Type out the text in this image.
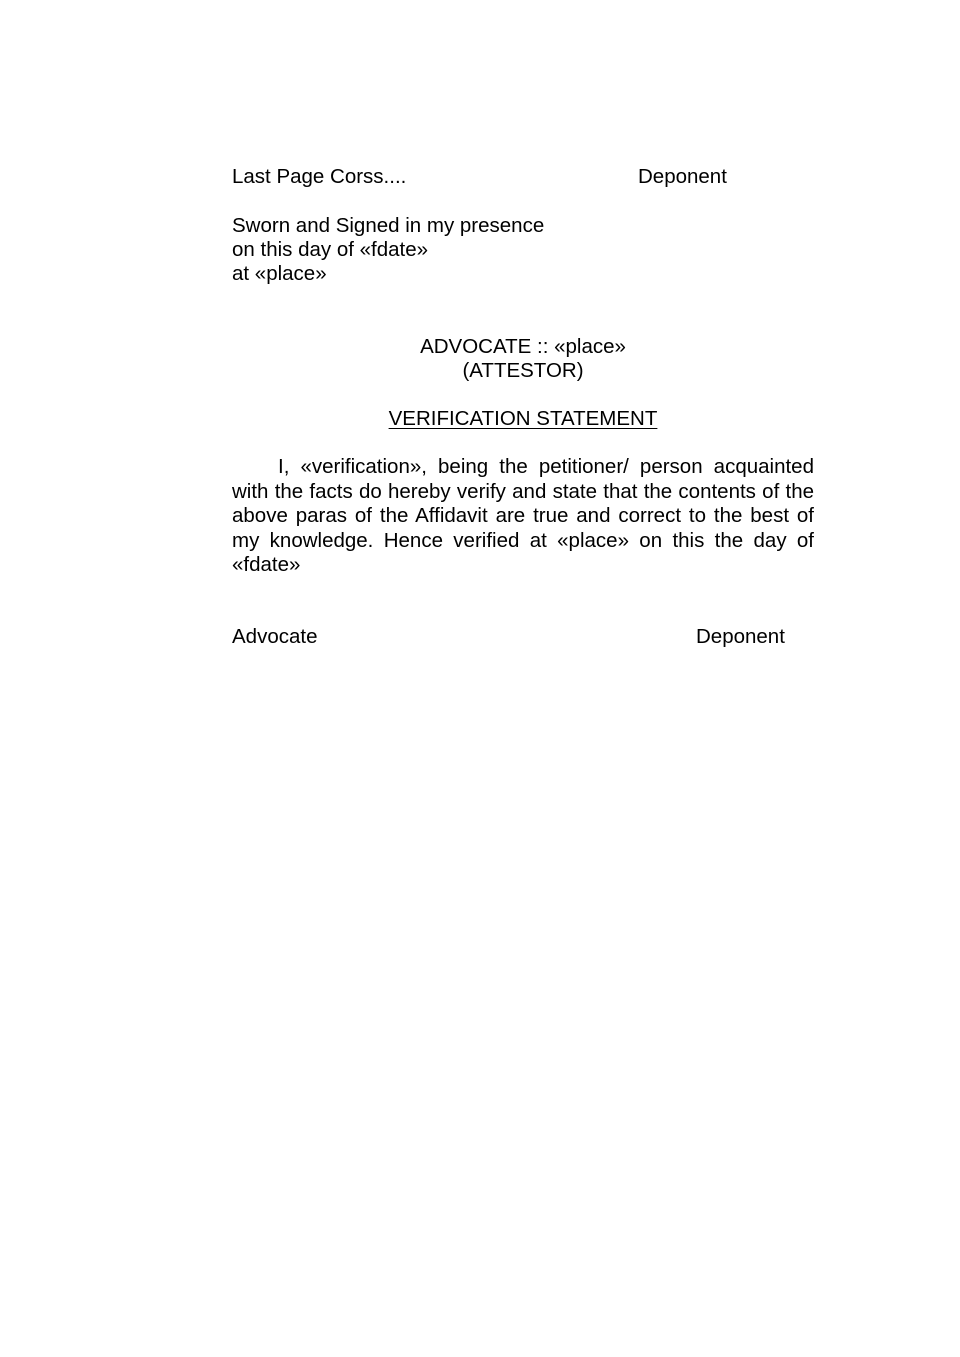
Last Page Corss....	Deponent
Sworn and Signed in my presence
on this day of «fdate»
at «place»
ADVOCATE :: «place»
(ATTESTOR)
VERIFICATION STATEMENT
I, «verification», being the petitioner/ person acquainted with the facts do hereby verify and state that the contents of the above paras of the Affidavit are true and correct to the best of my knowledge. Hence verified at «place» on this the day of «fdate»
Advocate	Deponent
